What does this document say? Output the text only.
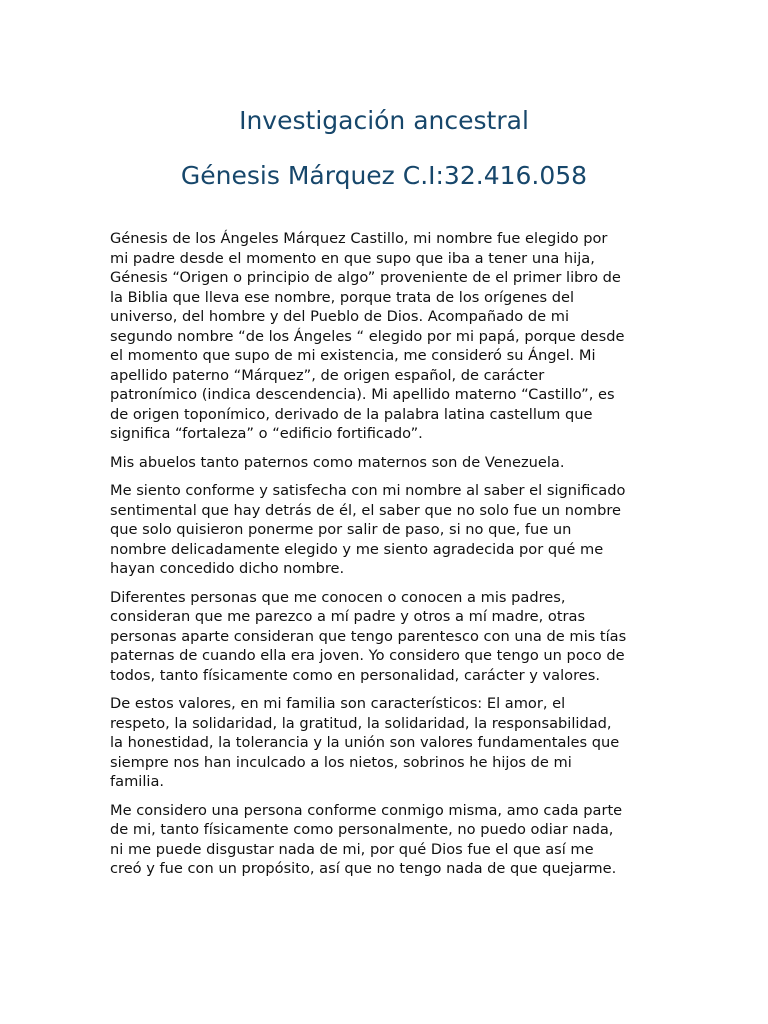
Investigación ancestral
Génesis Márquez C.I:32.416.058

Génesis de los Ángeles Márquez Castillo, mi nombre fue elegido por
mi padre desde el momento en que supo que iba a tener una hija,
Génesis “Origen o principio de algo” proveniente de el primer libro de
la Biblia que lleva ese nombre, porque trata de los orígenes del
universo, del hombre y del Pueblo de Dios. Acompañado de mi
segundo nombre “de los Ángeles “ elegido por mi papá, porque desde
el momento que supo de mi existencia, me consideró su Ángel. Mi
apellido paterno “Márquez”, de origen español, de carácter
patronímico (indica descendencia). Mi apellido materno “Castillo”, es
de origen toponímico, derivado de la palabra latina castellum que
significa “fortaleza” o “edificio fortificado”.

Mis abuelos tanto paternos como maternos son de Venezuela.

Me siento conforme y satisfecha con mi nombre al saber el significado
sentimental que hay detrás de él, el saber que no solo fue un nombre
que solo quisieron ponerme por salir de paso, si no que, fue un
nombre delicadamente elegido y me siento agradecida por qué me
hayan concedido dicho nombre.

Diferentes personas que me conocen o conocen a mis padres,
consideran que me parezco a mí padre y otros a mí madre, otras
personas aparte consideran que tengo parentesco con una de mis tías
paternas de cuando ella era joven. Yo considero que tengo un poco de
todos, tanto físicamente como en personalidad, carácter y valores.

De estos valores, en mi familia son característicos: El amor, el
respeto, la solidaridad, la gratitud, la solidaridad, la responsabilidad,
la honestidad, la tolerancia y la unión son valores fundamentales que
siempre nos han inculcado a los nietos, sobrinos he hijos de mi
familia.

Me considero una persona conforme conmigo misma, amo cada parte
de mi, tanto físicamente como personalmente, no puedo odiar nada,
ni me puede disgustar nada de mi, por qué Dios fue el que así me
creó y fue con un propósito, así que no tengo nada de que quejarme.
